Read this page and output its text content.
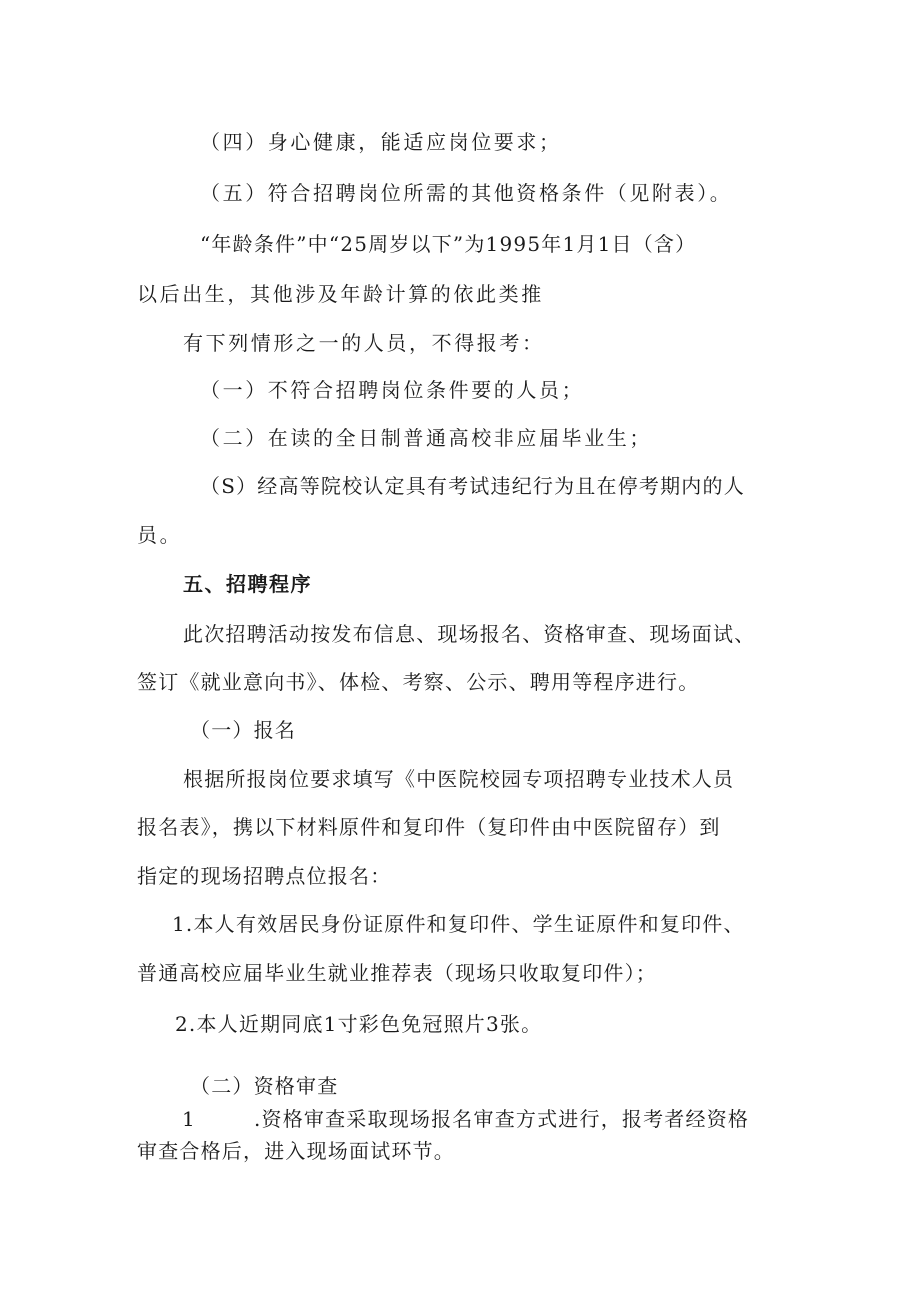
（四）身心健康，能适应岗位要求；
（五）符合招聘岗位所需的其他资格条件（见附表）。
“年龄条件”中“25周岁以下”为1995年1月1日（含）
以后出生，其他涉及年龄计算的依此类推
有下列情形之一的人员，不得报考：
（一）不符合招聘岗位条件要的人员；
（二）在读的全日制普通高校非应届毕业生；
（S）经高等院校认定具有考试违纪行为且在停考期内的人
员。
五、招聘程序
此次招聘活动按发布信息、现场报名、资格审查、现场面试、
签订《就业意向书》、体检、考察、公示、聘用等程序进行。
（一）报名
根据所报岗位要求填写《中医院校园专项招聘专业技术人员
报名表》，携以下材料原件和复印件（复印件由中医院留存）到
指定的现场招聘点位报名：
1.本人有效居民身份证原件和复印件、学生证原件和复印件、
普通高校应届毕业生就业推荐表（现场只收取复印件）；
2.本人近期同底1寸彩色免冠照片3张。
（二）资格审查
1	.资格审查采取现场报名审查方式进行，报考者经资格
审查合格后，进入现场面试环节。
